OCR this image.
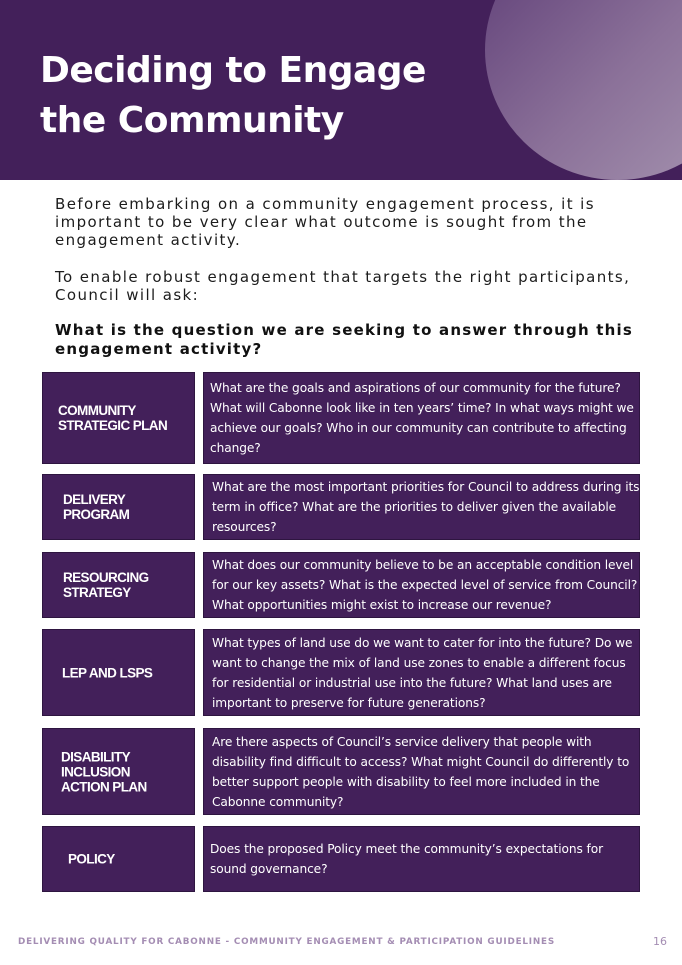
Deciding to Engage the Community

Before embarking on a community engagement process, it is important to be very clear what outcome is sought from the engagement activity.

To enable robust engagement that targets the right participants, Council will ask:

What is the question we are seeking to answer through this engagement activity?

COMMUNITY STRATEGIC PLAN
What are the goals and aspirations of our community for the future? What will Cabonne look like in ten years’ time? In what ways might we achieve our goals? Who in our community can contribute to affecting change?
DELIVERY PROGRAM
What are the most important priorities for Council to address during its term in office? What are the priorities to deliver given the available resources?
RESOURCING STRATEGY
What does our community believe to be an acceptable condition level for our key assets? What is the expected level of service from Council? What opportunities might exist to increase our revenue?
LEP AND LSPS
What types of land use do we want to cater for into the future? Do we want to change the mix of land use zones to enable a different focus for residential or industrial use into the future? What land uses are important to preserve for future generations?
DISABILITY INCLUSION ACTION PLAN
Are there aspects of Council’s service delivery that people with disability find difficult to access? What might Council do differently to better support people with disability to feel more included in the Cabonne community?
POLICY
Does the proposed Policy meet the community’s expectations for sound governance?
DELIVERING QUALITY FOR CABONNE - COMMUNITY ENGAGEMENT & PARTICIPATION GUIDELINES	16
